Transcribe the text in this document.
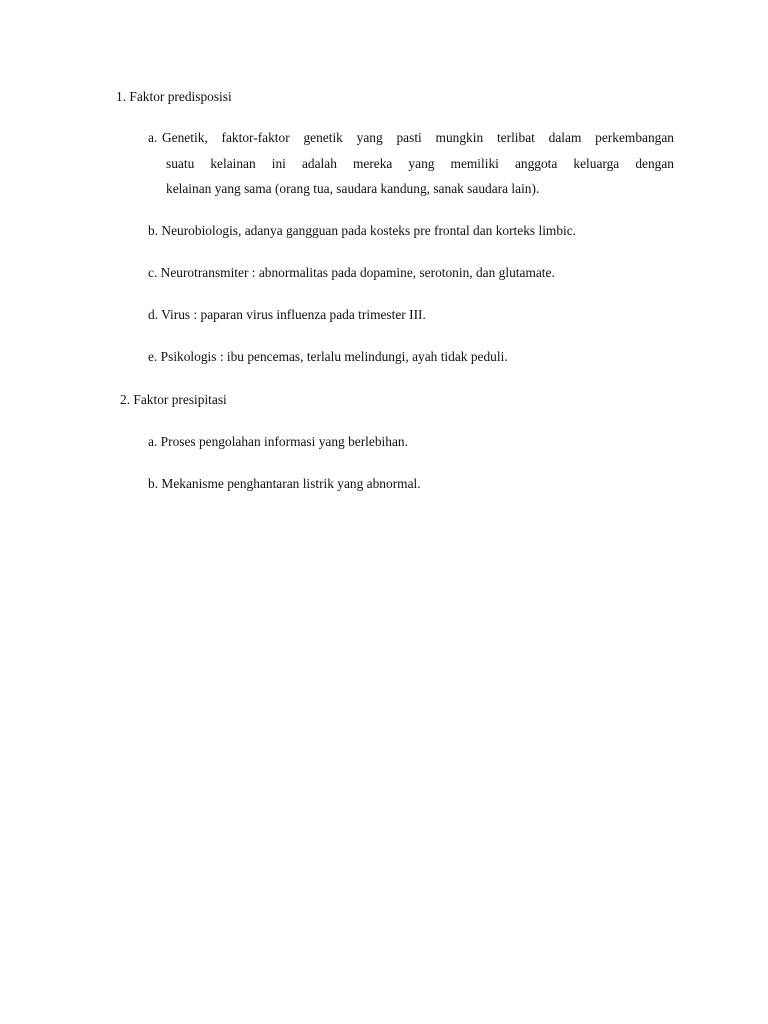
1. Faktor predisposisi
a. Genetik, faktor-faktor genetik yang pasti mungkin terlibat dalam perkembangan
suatu kelainan ini adalah mereka yang memiliki anggota keluarga dengan
kelainan yang sama (orang tua, saudara kandung, sanak saudara lain).
b. Neurobiologis, adanya gangguan pada kosteks pre frontal dan korteks limbic.
c. Neurotransmiter : abnormalitas pada dopamine, serotonin, dan glutamate.
d. Virus : paparan virus influenza pada trimester III.
e. Psikologis : ibu pencemas, terlalu melindungi, ayah tidak peduli.
2. Faktor presipitasi
a. Proses pengolahan informasi yang berlebihan.
b. Mekanisme penghantaran listrik yang abnormal.
